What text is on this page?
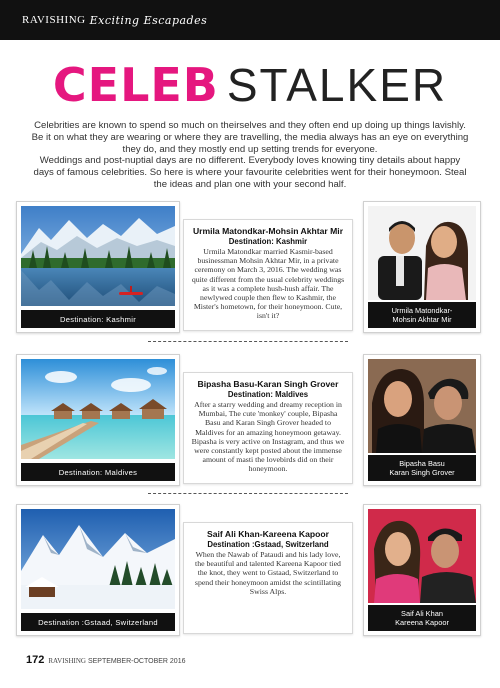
RAVISHING Exciting Escapades
CELEB STALKER

Celebrities are known to spend so much on theirselves and they often end up doing up things lavishly. Be it on what they are wearing or where they are travelling, the media always has an eye on everything they do, and they mostly end up setting trends for everyone.

Weddings and post-nuptial days are no different. Everybody loves knowing tiny details about happy days of famous celebrities. So here is where your favourite celebrities went for their honeymoon. Steal the ideas and plan one with your second half.

Destination: Kashmir
Urmila Matondkar-Mohsin Akhtar Mir
Destination: Kashmir
Urmila Matondkar married Kasmir-based businessman Mohsin Akhtar Mir, in a private ceremony on March 3, 2016. The wedding was quite different from the usual celebrity weddings as it was a complete hush-hush affair. The newlywed couple then flew to Kashmir, the Mister's hometown, for their honeymoon. Cute, isn't it?
Urmila Matondkar-
Mohsin Akhtar Mir
Destination: Maldives
Bipasha Basu-Karan Singh Grover
Destination: Maldives
After a starry wedding and dreamy reception in Mumbai, The cute 'monkey' couple, Bipasha Basu and Karan Singh Grover headed to Maldives for an amazing honeymoon getaway. Bipasha is very active on Instagram, and thus we were constantly kept posted about the immense amount of masti the lovebirds did on their honeymoon.
Bipasha Basu
Karan Singh Grover
Destination :Gstaad, Switzerland
Saif Ali Khan-Kareena Kapoor
Destination :Gstaad, Switzerland
When the Nawab of Pataudi and his lady love, the beautiful and talented Kareena Kapoor tied the knot, they went to Gstaad, Switzerland to spend their honeymoon amidst the scintillating Swiss Alps.
Saif Ali Khan
Kareena Kapoor
172 RAVISHING SEPTEMBER-OCTOBER 2016
